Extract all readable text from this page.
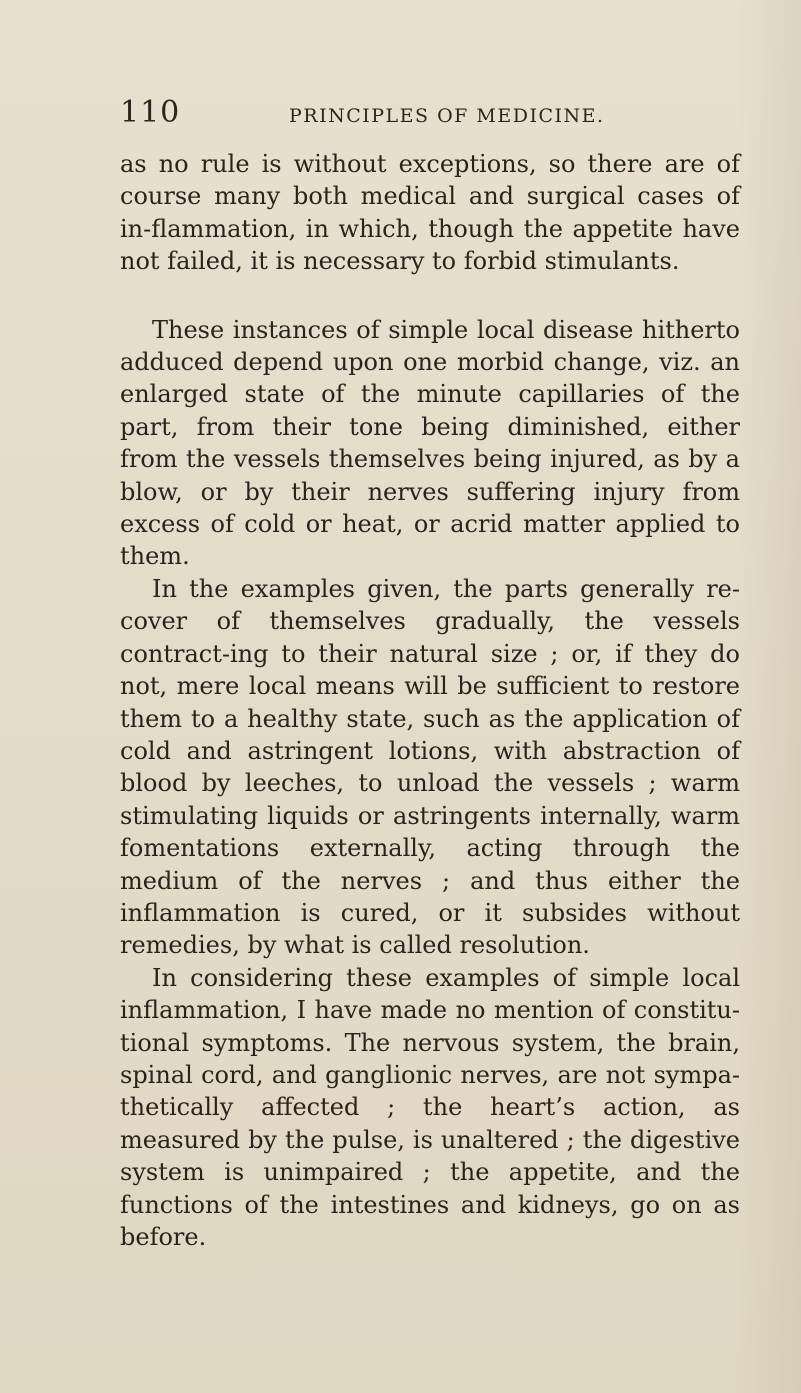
110	PRINCIPLES OF MEDICINE.

as no rule is without exceptions, so there are of course many both medical and surgical cases of in-flammation, in which, though the appetite have not failed, it is necessary to forbid stimulants.

These instances of simple local disease hitherto adduced depend upon one morbid change, viz. an enlarged state of the minute capillaries of the part, from their tone being diminished, either from the vessels themselves being injured, as by a blow, or by their nerves suffering injury from excess of cold or heat, or acrid matter applied to them.

In the examples given, the parts generally re-cover of themselves gradually, the vessels contract-ing to their natural size ; or, if they do not, mere local means will be sufficient to restore them to a healthy state, such as the application of cold and astringent lotions, with abstraction of blood by leeches, to unload the vessels ; warm stimulating liquids or astringents internally, warm fomentations externally, acting through the medium of the nerves ; and thus either the inflammation is cured, or it subsides without remedies, by what is called resolution.

In considering these examples of simple local inflammation, I have made no mention of constitu-tional symptoms. The nervous system, the brain, spinal cord, and ganglionic nerves, are not sympa-thetically affected ; the heart’s action, as measured by the pulse, is unaltered ; the digestive system is unimpaired ; the appetite, and the functions of the intestines and kidneys, go on as before.
